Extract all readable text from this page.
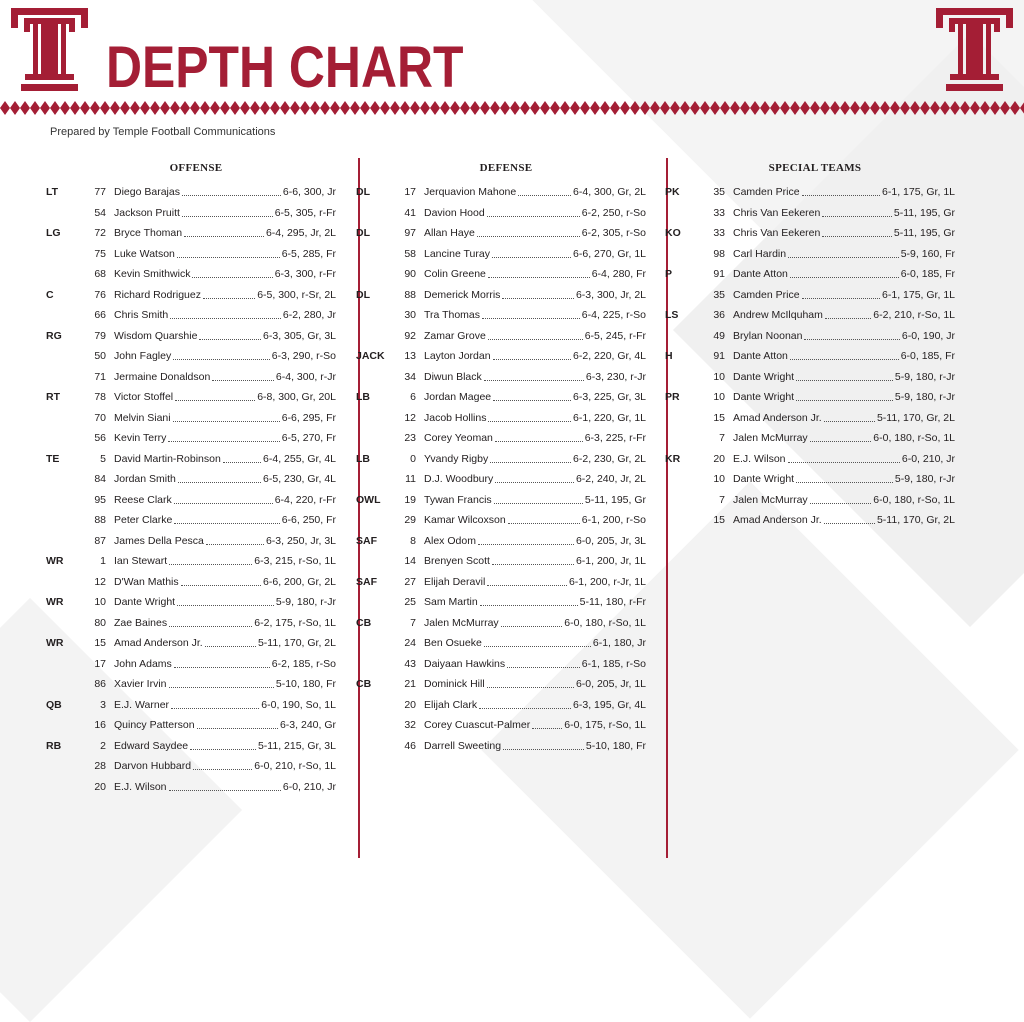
DEPTH CHART
Prepared by Temple Football Communications
OFFENSE
LT	77 Diego Barajas	6-6, 300, Jr
54 Jackson Pruitt	6-5, 305, r-Fr
LG	72 Bryce Thoman	6-4, 295, Jr, 2L
75 Luke Watson	6-5, 285, Fr
68 Kevin Smithwick	6-3, 300, r-Fr
C	76 Richard Rodriguez	6-5, 300, r-Sr, 2L
66 Chris Smith	6-2, 280, Jr
RG	79 Wisdom Quarshie	6-3, 305, Gr, 3L
50 John Fagley	6-3, 290, r-So
71 Jermaine Donaldson	6-4, 300, r-Jr
RT	78 Victor Stoffel	6-8, 300, Gr, 20L
70 Melvin Siani	6-6, 295, Fr
56 Kevin Terry	6-5, 270, Fr
TE	5 David Martin-Robinson	6-4, 255, Gr, 4L
84 Jordan Smith	6-5, 230, Gr, 4L
95 Reese Clark	6-4, 220, r-Fr
88 Peter Clarke	6-6, 250, Fr
87 James Della Pesca	6-3, 250, Jr, 3L
WR	1 Ian Stewart	6-3, 215, r-So, 1L
12 D'Wan Mathis	6-6, 200, Gr, 2L
WR	10 Dante Wright	5-9, 180, r-Jr
80 Zae Baines	6-2, 175, r-So, 1L
WR	15 Amad Anderson Jr.	5-11, 170, Gr, 2L
17 John Adams	6-2, 185, r-So
86 Xavier Irvin	5-10, 180, Fr
QB	3 E.J. Warner	6-0, 190, So, 1L
16 Quincy Patterson	6-3, 240, Gr
RB	2 Edward Saydee	5-11, 215, Gr, 3L
28 Darvon Hubbard	6-0, 210, r-So, 1L
20 E.J. Wilson	6-0, 210, Jr
DEFENSE
DL	17 Jerquavion Mahone	6-4, 300, Gr, 2L
41 Davion Hood	6-2, 250, r-So
DL	97 Allan Haye	6-2, 305, r-So
58 Lancine Turay	6-6, 270, Gr, 1L
90 Colin Greene	6-4, 280, Fr
DL	88 Demerick Morris	6-3, 300, Jr, 2L
30 Tra Thomas	6-4, 225, r-So
92 Zamar Grove	6-5, 245, r-Fr
JACK	13 Layton Jordan	6-2, 220, Gr, 4L
34 Diwun Black	6-3, 230, r-Jr
LB	6 Jordan Magee	6-3, 225, Gr, 3L
12 Jacob Hollins	6-1, 220, Gr, 1L
23 Corey Yeoman	6-3, 225, r-Fr
LB	0 Yvandy Rigby	6-2, 230, Gr, 2L
11 D.J. Woodbury	6-2, 240, Jr, 2L
OWL	19 Tywan Francis	5-11, 195, Gr
29 Kamar Wilcoxson	6-1, 200, r-So
SAF	8 Alex Odom	6-0, 205, Jr, 3L
14 Brenyen Scott	6-1, 200, Jr, 1L
SAF	27 Elijah Deravil	6-1, 200, r-Jr, 1L
25 Sam Martin	5-11, 180, r-Fr
CB	7 Jalen McMurray	6-0, 180, r-So, 1L
24 Ben Osueke	6-1, 180, Jr
43 Daiyaan Hawkins	6-1, 185, r-So
CB	21 Dominick Hill	6-0, 205, Jr, 1L
20 Elijah Clark	6-3, 195, Gr, 4L
32 Corey Cuascut-Palmer	6-0, 175, r-So, 1L
46 Darrell Sweeting	5-10, 180, Fr
SPECIAL TEAMS
PK	35 Camden Price	6-1, 175, Gr, 1L
33 Chris Van Eekeren	5-11, 195, Gr
KO	33 Chris Van Eekeren	5-11, 195, Gr
98 Carl Hardin	5-9, 160, Fr
P	91 Dante Atton	6-0, 185, Fr
35 Camden Price	6-1, 175, Gr, 1L
LS	36 Andrew McIlquham	6-2, 210, r-So, 1L
49 Brylan Noonan	6-0, 190, Jr
H	91 Dante Atton	6-0, 185, Fr
10 Dante Wright	5-9, 180, r-Jr
PR	10 Dante Wright	5-9, 180, r-Jr
15 Amad Anderson Jr.	5-11, 170, Gr, 2L
7 Jalen McMurray	6-0, 180, r-So, 1L
KR	20 E.J. Wilson	6-0, 210, Jr
10 Dante Wright	5-9, 180, r-Jr
7 Jalen McMurray	6-0, 180, r-So, 1L
15 Amad Anderson Jr.	5-11, 170, Gr, 2L
